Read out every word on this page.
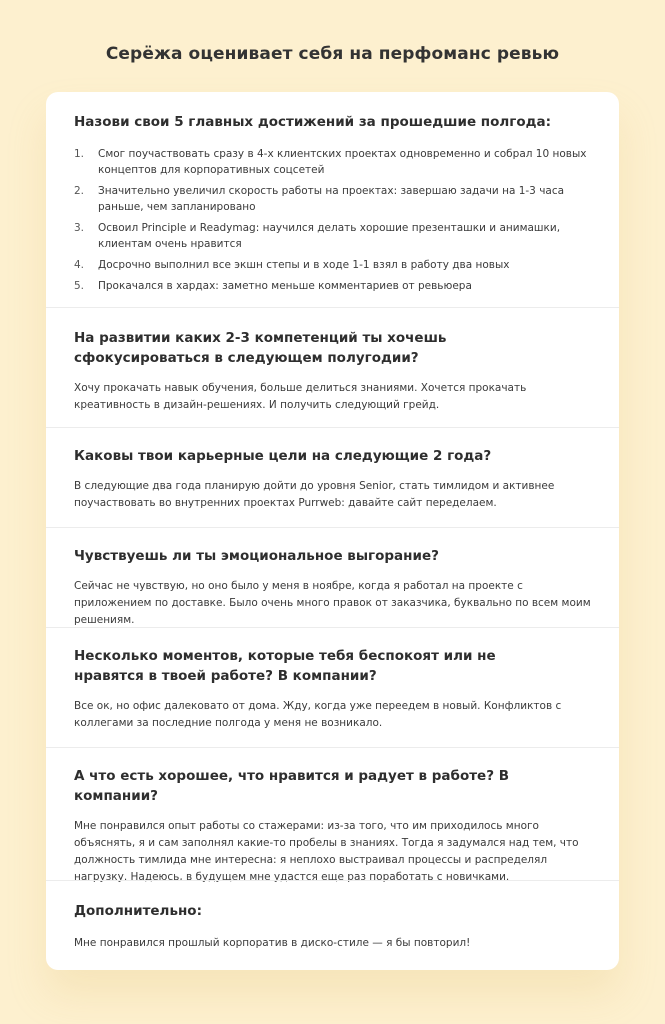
Серёжа оценивает себя на перфоманс ревью
Назови свои 5 главных достижений за прошедшие полгода:
1.	Смог поучаствовать сразу в 4-х клиентских проектах одновременно и собрал 10 новых концептов для корпоративных соцсетей
2.	Значительно увеличил скорость работы на проектах: завершаю задачи на 1-3 часа раньше, чем запланировано
3.	Освоил Principle и Readymag: научился делать хорошие презенташки и анимашки, клиентам очень нравится
4.	Досрочно выполнил все экшн степы и в ходе 1-1 взял в работу два новых
5.	Прокачался в хардах: заметно меньше комментариев от ревьюера
На развитии каких 2-3 компетенций ты хочешь сфокусироваться в следующем полугодии?
Хочу прокачать навык обучения, больше делиться знаниями. Хочется прокачать креативность в дизайн-решениях. И получить следующий грейд.
Каковы твои карьерные цели на следующие 2 года?
В следующие два года планирую дойти до уровня Senior, стать тимлидом и активнее поучаствовать во внутренних проектах Purrweb: давайте сайт переделаем.
Чувствуешь ли ты эмоциональное выгорание?
Сейчас не чувствую, но оно было у меня в ноябре, когда я работал на проекте с приложением по доставке. Было очень много правок от заказчика, буквально по всем моим решениям.
Несколько моментов, которые тебя беспокоят или не нравятся в твоей работе? В компании?
Все ок, но офис далековато от дома. Жду, когда уже переедем в новый. Конфликтов с коллегами за последние полгода у меня не возникало.
А что есть хорошее, что нравится и радует в работе? В компании?
Мне понравился опыт работы со стажерами: из-за того, что им приходилось много объяснять, я и сам заполнял какие-то пробелы в знаниях. Тогда я задумался над тем, что должность тимлида мне интересна: я неплохо выстраивал процессы и распределял нагрузку. Надеюсь, в будущем мне удастся еще раз поработать с новичками.
Дополнительно:
Мне понравился прошлый корпоратив в диско-стиле — я бы повторил!
